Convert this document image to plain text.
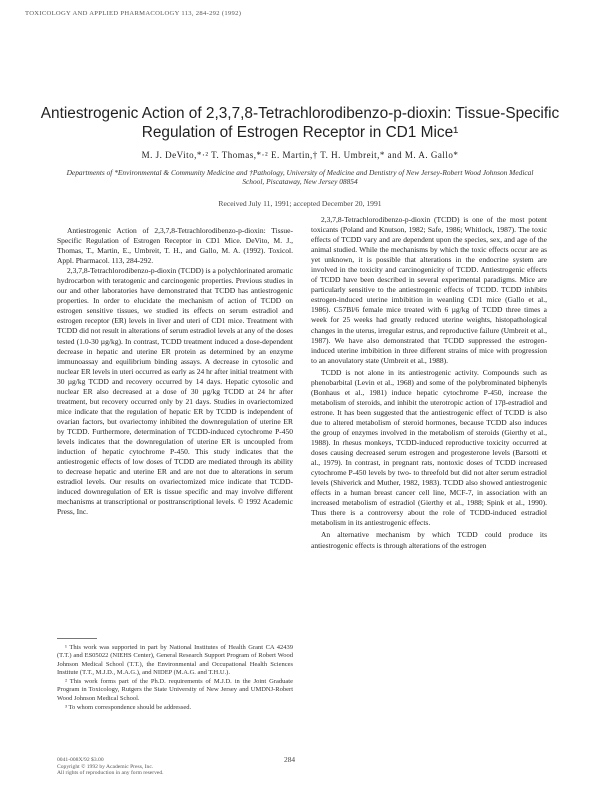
TOXICOLOGY AND APPLIED PHARMACOLOGY 113, 284-292 (1992)
Antiestrogenic Action of 2,3,7,8-Tetrachlorodibenzo-p-dioxin: Tissue-Specific Regulation of Estrogen Receptor in CD1 Mice¹
M. J. DeVito,*·² T. Thomas,*·² E. Martin,† T. H. Umbreit,* and M. A. Gallo*
Departments of *Environmental & Community Medicine and †Pathology, University of Medicine and Dentistry of New Jersey-Robert Wood Johnson Medical School, Piscataway, New Jersey 08854
Received July 11, 1991; accepted December 20, 1991

Antiestrogenic Action of 2,3,7,8-Tetrachlorodibenzo-p-dioxin: Tissue-Specific Regulation of Estrogen Receptor in CD1 Mice. DeVito, M. J., Thomas, T., Martin, E., Umbreit, T. H., and Gallo, M. A. (1992). Toxicol. Appl. Pharmacol. 113, 284-292.

2,3,7,8-Tetrachlorodibenzo-p-dioxin (TCDD) is a polychlorinated aromatic hydrocarbon with teratogenic and carcinogenic properties. Previous studies in our and other laboratories have demonstrated that TCDD has antiestrogenic properties. In order to elucidate the mechanism of action of TCDD on estrogen sensitive tissues, we studied its effects on serum estradiol and estrogen receptor (ER) levels in liver and uteri of CD1 mice. Treatment with TCDD did not result in alterations of serum estradiol levels at any of the doses tested (1.0-30 µg/kg). In contrast, TCDD treatment induced a dose-dependent decrease in hepatic and uterine ER protein as determined by an enzyme immunoassay and equilibrium binding assays. A decrease in cytosolic and nuclear ER levels in uteri occurred as early as 24 hr after initial treatment with 30 µg/kg TCDD and recovery occurred by 14 days. Hepatic cytosolic and nuclear ER also decreased at a dose of 30 µg/kg TCDD at 24 hr after treatment, but recovery occurred only by 21 days. Studies in ovariectomized mice indicate that the regulation of hepatic ER by TCDD is independent of ovarian factors, but ovariectomy inhibited the downregulation of uterine ER by TCDD. Furthermore, determination of TCDD-induced cytochrome P-450 levels indicates that the downregulation of uterine ER is uncoupled from induction of hepatic cytochrome P-450. This study indicates that the antiestrogenic effects of low doses of TCDD are mediated through its ability to decrease hepatic and uterine ER and are not due to alterations in serum estradiol levels. Our results on ovariectomized mice indicate that TCDD-induced downregulation of ER is tissue specific and may involve different mechanisms at transcriptional or posttranscriptional levels. © 1992 Academic Press, Inc.

¹ This work was supported in part by National Institutes of Health Grant CA 42439 (T.T.) and ES05022 (NIEHS Center), General Research Support Program of Robert Wood Johnson Medical School (T.T.), the Environmental and Occupational Health Sciences Institute (T.T., M.J.D., M.A.G.), and NIDEP (M.A.G. and T.H.U.).

² This work forms part of the Ph.D. requirements of M.J.D. in the Joint Graduate Program in Toxicology, Rutgers the State University of New Jersey and UMDNJ-Robert Wood Johnson Medical School.

³ To whom correspondence should be addressed.

2,3,7,8-Tetrachlorodibenzo-p-dioxin (TCDD) is one of the most potent toxicants (Poland and Knutson, 1982; Safe, 1986; Whitlock, 1987). The toxic effects of TCDD vary and are dependent upon the species, sex, and age of the animal studied. While the mechanisms by which the toxic effects occur are as yet unknown, it is possible that alterations in the endocrine system are involved in the toxicity and carcinogenicity of TCDD. Antiestrogenic effects of TCDD have been described in several experimental paradigms. Mice are particularly sensitive to the antiestrogenic effects of TCDD. TCDD inhibits estrogen-induced uterine imbibition in weanling CD1 mice (Gallo et al., 1986). C57Bl/6 female mice treated with 6 µg/kg of TCDD three times a week for 25 weeks had greatly reduced uterine weights, histopathological changes in the uterus, irregular estrus, and reproductive failure (Umbreit et al., 1987). We have also demonstrated that TCDD suppressed the estrogen-induced uterine imbibition in three different strains of mice with progression to an anovulatory state (Umbreit et al., 1988).

TCDD is not alone in its antiestrogenic activity. Compounds such as phenobarbital (Levin et al., 1968) and some of the polybrominated biphenyls (Bonhaus et al., 1981) induce hepatic cytochrome P-450, increase the metabolism of steroids, and inhibit the uterotropic action of 17β-estradiol and estrone. It has been suggested that the antiestrogenic effect of TCDD is also due to altered metabolism of steroid hormones, because TCDD also induces the group of enzymes involved in the metabolism of steroids (Gierthy et al., 1988). In rhesus monkeys, TCDD-induced reproductive toxicity occurred at doses causing decreased serum estrogen and progesterone levels (Barsotti et al., 1979). In contrast, in pregnant rats, nontoxic doses of TCDD increased cytochrome P-450 levels by two- to threefold but did not alter serum estradiol levels (Shiverick and Muther, 1982, 1983). TCDD also showed antiestrogenic effects in a human breast cancer cell line, MCF-7, in association with an increased metabolism of estradiol (Gierthy et al., 1988; Spink et al., 1990). Thus there is a controversy about the role of TCDD-induced estradiol metabolism in its antiestrogenic effects.

An alternative mechanism by which TCDD could produce its antiestrogenic effects is through alterations of the estrogen

0041-008X/92 $3.00
Copyright © 1992 by Academic Press, Inc.
All rights of reproduction in any form reserved.
284
